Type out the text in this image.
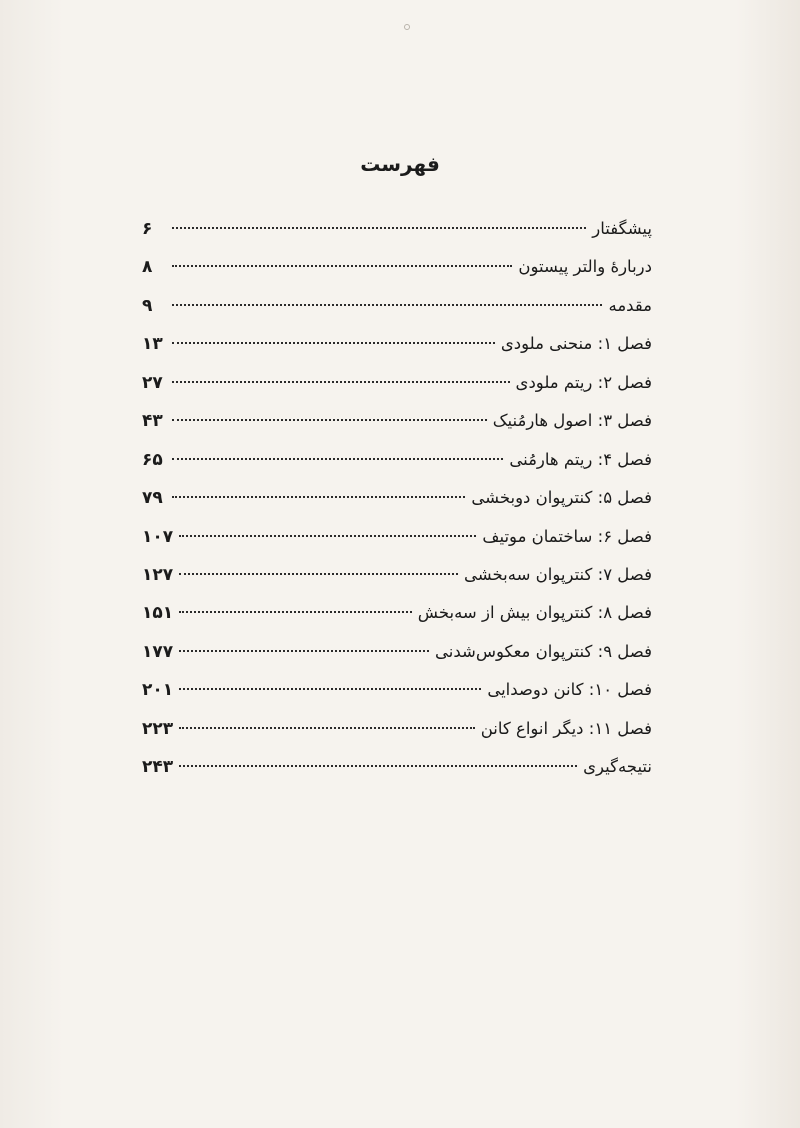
فهرست
پیشگفتار
۶
دربارهٔ والتر پیستون
۸
مقدمه
۹
فصل ۱: منحنی ملودی
۱۳
فصل ۲: ریتم ملودی
۲۷
فصل ۳: اصول هارمُنیک
۴۳
فصل ۴: ریتم هارمُنی
۶۵
فصل ۵: کنترپوان دوبخشی
۷۹
فصل ۶: ساختمان موتیف
۱۰۷
فصل ۷: کنترپوان سه‌بخشی
۱۲۷
فصل ۸: کنترپوان بیش از سه‌بخش
۱۵۱
فصل ۹: کنترپوان معکوس‌شدنی
۱۷۷
فصل ۱۰: کانن دوصدایی
۲۰۱
فصل ۱۱: دیگر انواع کانن
۲۲۳
نتیجه‌گیری
۲۴۳
